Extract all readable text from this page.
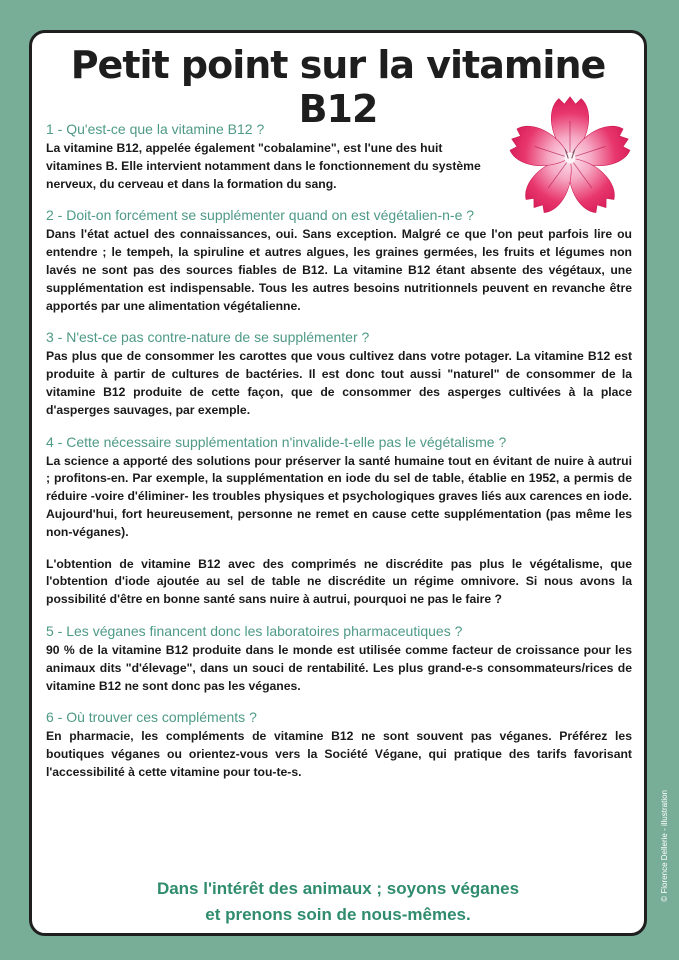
Petit point sur la vitamine B12
1 - Qu'est-ce que la vitamine B12 ?

La vitamine B12, appelée également "cobalamine", est l'une des huit vitamines B. Elle intervient notamment dans le fonctionnement du système nerveux, du cerveau et dans la formation du sang.

2 - Doit-on forcément se supplémenter quand on est végétalien-n-e ?

Dans l'état actuel des connaissances, oui. Sans exception. Malgré ce que l'on peut parfois lire ou entendre ; le tempeh, la spiruline et autres algues, les graines germées, les fruits et légumes non lavés ne sont pas des sources fiables de B12. La vitamine B12 étant absente des végétaux, une supplémentation est indispensable. Tous les autres besoins nutritionnels peuvent en revanche être apportés par une alimentation végétalienne.

3 - N'est-ce pas contre-nature de se supplémenter ?

Pas plus que de consommer les carottes que vous cultivez dans votre potager. La vitamine B12 est produite à partir de cultures de bactéries. Il est donc tout aussi "naturel" de consommer de la vitamine B12 produite de cette façon, que de consommer des asperges cultivées à la place d'asperges sauvages, par exemple.

4 - Cette nécessaire supplémentation n'invalide-t-elle pas le végétalisme ?

La science a apporté des solutions pour préserver la santé humaine tout en évitant de nuire à autrui ; profitons-en. Par exemple, la supplémentation en iode du sel de table, établie en 1952, a permis de réduire -voire d'éliminer- les troubles physiques et psychologiques graves liés aux carences en iode. Aujourd'hui, fort heureusement, personne ne remet en cause cette supplémentation (pas même les non-véganes).

L'obtention de vitamine B12 avec des comprimés ne discrédite pas plus le végétalisme, que l'obtention d'iode ajoutée au sel de table ne discrédite un régime omnivore. Si nous avons la possibilité d'être en bonne santé sans nuire à autrui, pourquoi ne pas le faire ?

5 - Les véganes financent donc les laboratoires pharmaceutiques ?

90 % de la vitamine B12 produite dans le monde est utilisée comme facteur de croissance pour les animaux dits "d'élevage", dans un souci de rentabilité. Les plus grand-e-s consommateurs/rices de vitamine B12 ne sont donc pas les véganes.

6 - Où trouver ces compléments ?

En pharmacie, les compléments de vitamine B12 ne sont souvent pas véganes. Préférez les boutiques véganes ou orientez-vous vers la Société Végane, qui pratique des tarifs favorisant l'accessibilité à cette vitamine pour tou-te-s.

Dans l'intérêt des animaux ; soyons véganes
et prenons soin de nous-mêmes.

© Florence Dellerie - illustration
